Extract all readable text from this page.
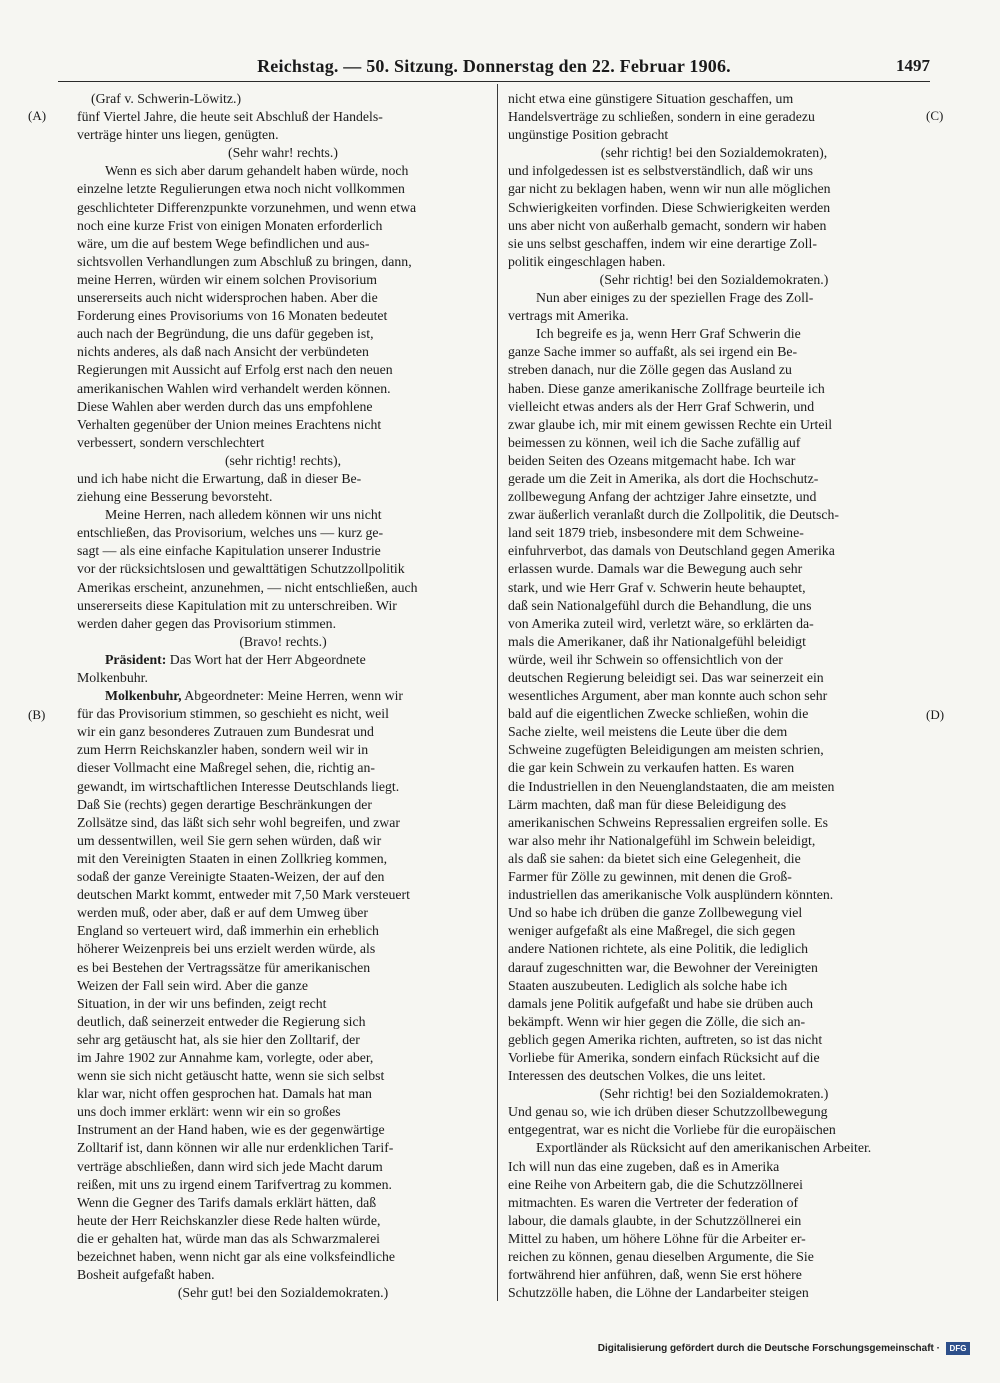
Reichstag. — 50. Sitzung. Donnerstag den 22. Februar 1906.	1497
(A)
(B)
(C)
(D)
(Graf v. Schwerin-Löwitz.)
fünf Viertel Jahre, die heute seit Abschluß der Handels-
verträge hinter uns liegen, genügten.
(Sehr wahr! rechts.)
Wenn es sich aber darum gehandelt haben würde, noch
einzelne letzte Regulierungen etwa noch nicht vollkommen
geschlichteter Differenzpunkte vorzunehmen, und wenn etwa
noch eine kurze Frist von einigen Monaten erforderlich
wäre, um die auf bestem Wege befindlichen und aus-
sichtsvollen Verhandlungen zum Abschluß zu bringen, dann,
meine Herren, würden wir einem solchen Provisorium
unsererseits auch nicht widersprochen haben. Aber die
Forderung eines Provisoriums von 16 Monaten bedeutet
auch nach der Begründung, die uns dafür gegeben ist,
nichts anderes, als daß nach Ansicht der verbündeten
Regierungen mit Aussicht auf Erfolg erst nach den neuen
amerikanischen Wahlen wird verhandelt werden können.
Diese Wahlen aber werden durch das uns empfohlene
Verhalten gegenüber der Union meines Erachtens nicht
verbessert, sondern verschlechtert
(sehr richtig! rechts),
und ich habe nicht die Erwartung, daß in dieser Be-
ziehung eine Besserung bevorsteht.
Meine Herren, nach alledem können wir uns nicht
entschließen, das Provisorium, welches uns — kurz ge-
sagt — als eine einfache Kapitulation unserer Industrie
vor der rücksichtslosen und gewalttätigen Schutzzollpolitik
Amerikas erscheint, anzunehmen, — nicht entschließen, auch
unsererseits diese Kapitulation mit zu unterschreiben. Wir
werden daher gegen das Provisorium stimmen.
(Bravo! rechts.)
Präsident: Das Wort hat der Herr Abgeordnete
Molkenbuhr.
Molkenbuhr, Abgeordneter: Meine Herren, wenn wir
für das Provisorium stimmen, so geschieht es nicht, weil
wir ein ganz besonderes Zutrauen zum Bundesrat und
zum Herrn Reichskanzler haben, sondern weil wir in
dieser Vollmacht eine Maßregel sehen, die, richtig an-
gewandt, im wirtschaftlichen Interesse Deutschlands liegt.
Daß Sie (rechts) gegen derartige Beschränkungen der
Zollsätze sind, das läßt sich sehr wohl begreifen, und zwar
um dessentwillen, weil Sie gern sehen würden, daß wir
mit den Vereinigten Staaten in einen Zollkrieg kommen,
sodaß der ganze Vereinigte Staaten-Weizen, der auf den
deutschen Markt kommt, entweder mit 7,50 Mark versteuert
werden muß, oder aber, daß er auf dem Umweg über
England so verteuert wird, daß immerhin ein erheblich
höherer Weizenpreis bei uns erzielt werden würde, als
es bei Bestehen der Vertragssätze für amerikanischen
Weizen der Fall sein wird. Aber die ganze
Situation, in der wir uns befinden, zeigt recht
deutlich, daß seinerzeit entweder die Regierung sich
sehr arg getäuscht hat, als sie hier den Zolltarif, der
im Jahre 1902 zur Annahme kam, vorlegte, oder aber,
wenn sie sich nicht getäuscht hatte, wenn sie sich selbst
klar war, nicht offen gesprochen hat. Damals hat man
uns doch immer erklärt: wenn wir ein so großes
Instrument an der Hand haben, wie es der gegenwärtige
Zolltarif ist, dann können wir alle nur erdenklichen Tarif-
verträge abschließen, dann wird sich jede Macht darum
reißen, mit uns zu irgend einem Tarifvertrag zu kommen.
Wenn die Gegner des Tarifs damals erklärt hätten, daß
heute der Herr Reichskanzler diese Rede halten würde,
die er gehalten hat, würde man das als Schwarzmalerei
bezeichnet haben, wenn nicht gar als eine volksfeindliche
Bosheit aufgefaßt haben.
(Sehr gut! bei den Sozialdemokraten.)
nicht etwa eine günstigere Situation geschaffen, um
Handelsverträge zu schließen, sondern in eine geradezu
ungünstige Position gebracht
(sehr richtig! bei den Sozialdemokraten),
und infolgedessen ist es selbstverständlich, daß wir uns
gar nicht zu beklagen haben, wenn wir nun alle möglichen
Schwierigkeiten vorfinden. Diese Schwierigkeiten werden
uns aber nicht von außerhalb gemacht, sondern wir haben
sie uns selbst geschaffen, indem wir eine derartige Zoll-
politik eingeschlagen haben.
(Sehr richtig! bei den Sozialdemokraten.)
Nun aber einiges zu der speziellen Frage des Zoll-
vertrags mit Amerika.
Ich begreife es ja, wenn Herr Graf Schwerin die
ganze Sache immer so auffaßt, als sei irgend ein Be-
streben danach, nur die Zölle gegen das Ausland zu
haben. Diese ganze amerikanische Zollfrage beurteile ich
vielleicht etwas anders als der Herr Graf Schwerin, und
zwar glaube ich, mir mit einem gewissen Rechte ein Urteil
beimessen zu können, weil ich die Sache zufällig auf
beiden Seiten des Ozeans mitgemacht habe. Ich war
gerade um die Zeit in Amerika, als dort die Hochschutz-
zollbewegung Anfang der achtziger Jahre einsetzte, und
zwar äußerlich veranlaßt durch die Zollpolitik, die Deutsch-
land seit 1879 trieb, insbesondere mit dem Schweine-
einfuhrverbot, das damals von Deutschland gegen Amerika
erlassen wurde. Damals war die Bewegung auch sehr
stark, und wie Herr Graf v. Schwerin heute behauptet,
daß sein Nationalgefühl durch die Behandlung, die uns
von Amerika zuteil wird, verletzt wäre, so erklärten da-
mals die Amerikaner, daß ihr Nationalgefühl beleidigt
würde, weil ihr Schwein so offensichtlich von der
deutschen Regierung beleidigt sei. Das war seinerzeit ein
wesentliches Argument, aber man konnte auch schon sehr
bald auf die eigentlichen Zwecke schließen, wohin die
Sache zielte, weil meistens die Leute über die dem
Schweine zugefügten Beleidigungen am meisten schrien,
die gar kein Schwein zu verkaufen hatten. Es waren
die Industriellen in den Neuenglandstaaten, die am meisten
Lärm machten, daß man für diese Beleidigung des
amerikanischen Schweins Repressalien ergreifen solle. Es
war also mehr ihr Nationalgefühl im Schwein beleidigt,
als daß sie sahen: da bietet sich eine Gelegenheit, die
Farmer für Zölle zu gewinnen, mit denen die Groß-
industriellen das amerikanische Volk ausplündern könnten.
Und so habe ich drüben die ganze Zollbewegung viel
weniger aufgefaßt als eine Maßregel, die sich gegen
andere Nationen richtete, als eine Politik, die lediglich
darauf zugeschnitten war, die Bewohner der Vereinigten
Staaten auszubeuten. Lediglich als solche habe ich
damals jene Politik aufgefaßt und habe sie drüben auch
bekämpft. Wenn wir hier gegen die Zölle, die sich an-
geblich gegen Amerika richten, auftreten, so ist das nicht
Vorliebe für Amerika, sondern einfach Rücksicht auf die
Interessen des deutschen Volkes, die uns leitet.
(Sehr richtig! bei den Sozialdemokraten.)
Und genau so, wie ich drüben dieser Schutzzollbewegung
entgegentrat, war es nicht die Vorliebe für die europäischen
Exportländer als Rücksicht auf den amerikanischen Arbeiter.
Ich will nun das eine zugeben, daß es in Amerika
eine Reihe von Arbeitern gab, die die Schutzzöllnerei
mitmachten. Es waren die Vertreter der federation of
labour, die damals glaubte, in der Schutzzöllnerei ein
Mittel zu haben, um höhere Löhne für die Arbeiter er-
reichen zu können, genau dieselben Argumente, die Sie
fortwährend hier anführen, daß, wenn Sie erst höhere
Schutzzölle haben, die Löhne der Landarbeiter steigen
Digitalisierung gefördert durch die Deutsche Forschungsgemeinschaft ·	DFG
